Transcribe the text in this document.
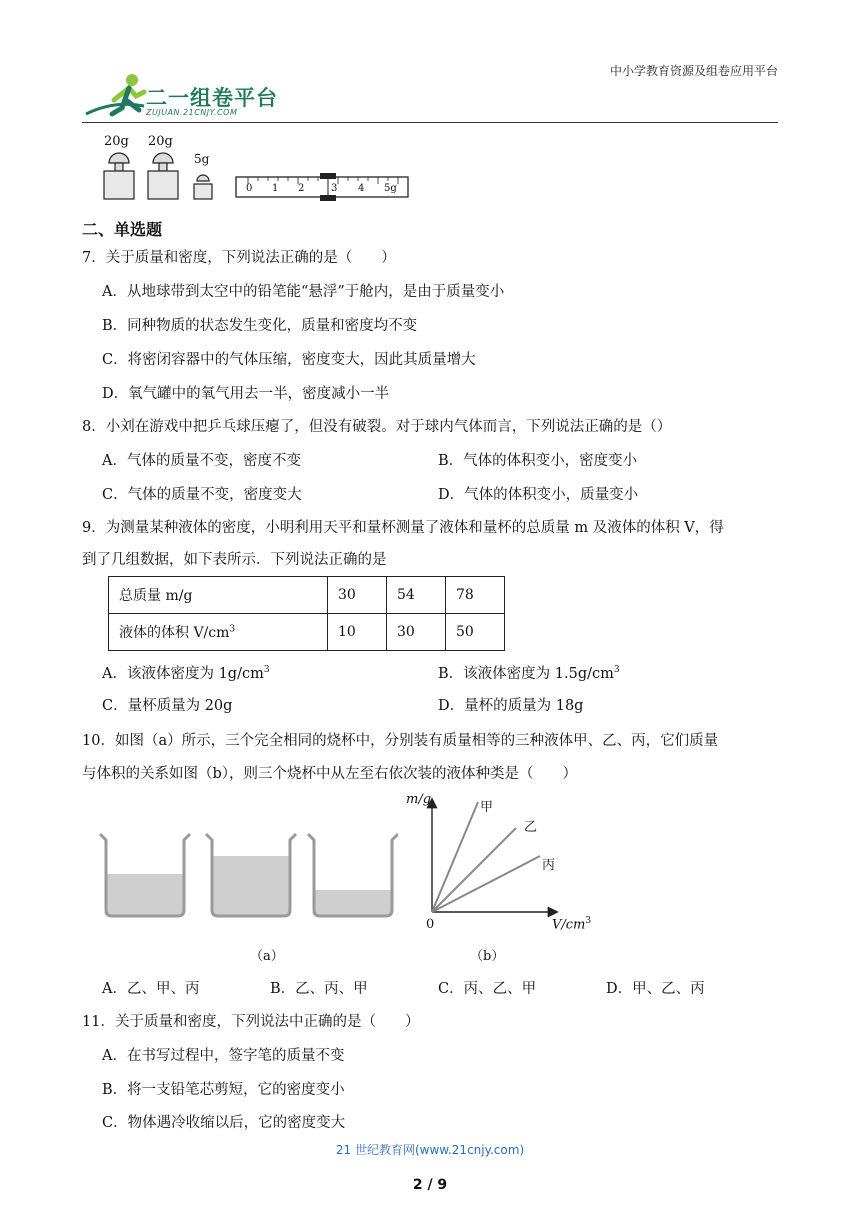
中小学教育资源及组卷应用平台
二一组卷平台
ZUJUAN.21CNJY.COM
20g 20g
5g
0 1 2	3 4 5g
二、单选题
7．关于质量和密度，下列说法正确的是（　　）
A．从地球带到太空中的铅笔能“悬浮”于舱内，是由于质量变小
B．同种物质的状态发生变化，质量和密度均不变
C．将密闭容器中的气体压缩，密度变大，因此其质量增大
D．氧气罐中的氧气用去一半，密度减小一半
8．小刘在游戏中把乒乓球压瘪了，但没有破裂。对于球内气体而言，下列说法正确的是（）
A．气体的质量不变，密度不变	B．气体的体积变小，密度变小
C．气体的质量不变，密度变大	D．气体的体积变小，质量变小
9．为测量某种液体的密度，小明利用天平和量杯测量了液体和量杯的总质量 m 及液体的体积 V，得
到了几组数据，如下表所示．下列说法正确的是
总质量 m/g	30	54	78
液体的体积 $V/cm^3$	10	30	50
A．该液体密度为 $1g/cm^3$	B．该液体密度为 $1.5g/cm^3$
C．量杯质量为 20g	D．量杯的质量为 18g
10．如图（a）所示，三个完全相同的烧杯中，分别装有质量相等的三种液体甲、乙、丙，它们质量
与体积的关系如图（b），则三个烧杯中从左至右依次装的液体种类是（　　）
（a）
m/g
$V/cm^3$
0
甲
乙
丙
（b）
A．乙、甲、丙	B．乙、丙、甲	C．丙、乙、甲	D．甲、乙、丙
11．关于质量和密度，下列说法中正确的是（　　）
A．在书写过程中，签字笔的质量不变
B．将一支铅笔芯剪短，它的密度变小
C．物体遇冷收缩以后，它的密度变大
21 世纪教育网(www.21cnjy.com)
2 / 9
